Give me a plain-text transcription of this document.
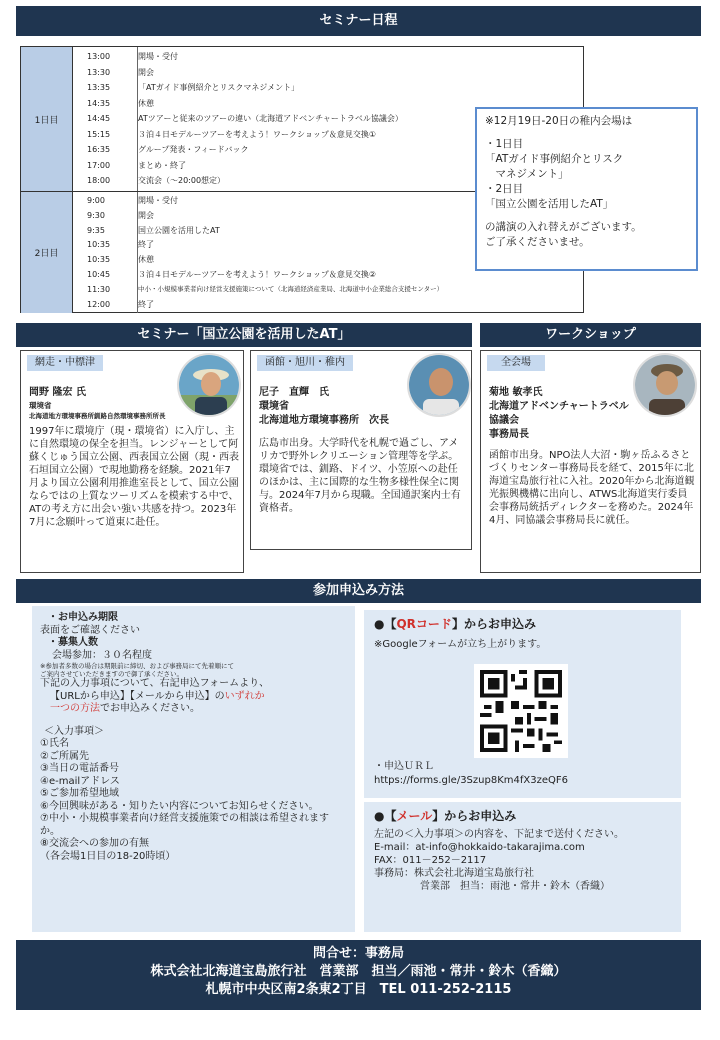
セミナー日程
1日目
13:00	開場・受付
13:30	開会
13:35	「ATガイド事例紹介とリスクマネジメント」
14:35	休憩
14:45	ATツアーと従来のツアーの違い（北海道アドベンチャートラベル協議会）
15:15	３泊４日モデルーツアーを考えよう！ワークショップ＆意見交換①
16:35	グループ発表・フィードバック
17:00	まとめ・終了
18:00	交流会（～20:00想定）
2日目
9:00	開場・受付
9:30	開会
9:35	国立公園を活用したAT
10:35	終了
10:35	休憩
10:45	３泊４日モデルーツアーを考えよう！ワークショップ＆意見交換②
11:30	中小・小規模事業者向け経営支援施策について（北海道経済産業局、北海道中小企業総合支援センター）
12:00	終了
※12月19日-20日の稚内会場は
・1日目
「ATガイド事例紹介とリスク
　マネジメント」
・2日目
「国立公園を活用したAT」
の講演の入れ替えがございます。
ご了承くださいませ。
セミナー「国立公園を活用したAT」	ワークショップ
網走・中標津
岡野 隆宏 氏
環境省
北海道地方環境事務所釧路自然環境事務所所長
1997年に環境庁（現・環境省）に入庁し、主に自然環境の保全を担当。レンジャーとして阿蘇くじゅう国立公園、西表国立公園（現・西表石垣国立公園）で現地勤務を経験。2021年7月より国立公園利用推進室長として、国立公園ならではの上質なツーリズムを模索する中で、ATの考え方に出会い強い共感を持つ。2023年7月に念願叶って道東に赴任。
函館・旭川・稚内
尼子　直輝　氏
環境省
北海道地方環境事務所　次長
広島市出身。大学時代を札幌で過ごし、アメリカで野外レクリエーション管理等を学ぶ。環境省では、釧路、ドイツ、小笠原への赴任のほかは、主に国際的な生物多様性保全に関与。2024年7月から現職。全国通訳案内士有資格者。
全会場
菊地 敏孝氏
北海道アドベンチャートラベル
協議会
事務局長
函館市出身。NPO法人大沼・駒ヶ岳ふるさとづくりセンター事務局長を経て、2015年に北海道宝島旅行社に入社。2020年から北海道観光振興機構に出向し、ATWS北海道実行委員会事務局統括ディレクターを務めた。2024年4月、同協議会事務局長に就任。
参加申込み方法
・お申込み期限
表面をご確認ください
・募集人数
会場参加：３０名程度
※参加者多数の場合は期限前に締切、および事務局にて先着順にて
ご案内させていただきますので御了承ください。
下記の入力事項について、右記申込フォームより、
【URLから申込】【メールから申込】のいずれか
一つの方法でお申込みください。
＜入力事項＞
①氏名
②ご所属先
③当日の電話番号
④e-mailアドレス
⑤ご参加希望地域
⑥今回興味がある・知りたい内容についてお知らせください。
⑦中小・小規模事業者向け経営支援施策での相談は希望されますか。
⑧交流会への参加の有無
（各会場1日目の18-20時頃）
●【QRコード】からお申込み
※Googleフォームが立ち上がります。
・申込ＵＲＬ
https://forms.gle/3Szup8Km4fX3zeQF6
●【メール】からお申込み
左記の＜入力事項＞の内容を、下記まで送付ください。
E-mail：at-info@hokkaido-takarajima.com
FAX：011－252－2117
事務局：株式会社北海道宝島旅行社
営業部　担当：雨池・常井・鈴木（香織）
問合せ：事務局
株式会社北海道宝島旅行社　営業部　担当／雨池・常井・鈴木（香織）
札幌市中央区南2条東2丁目　TEL 011-252-2115
